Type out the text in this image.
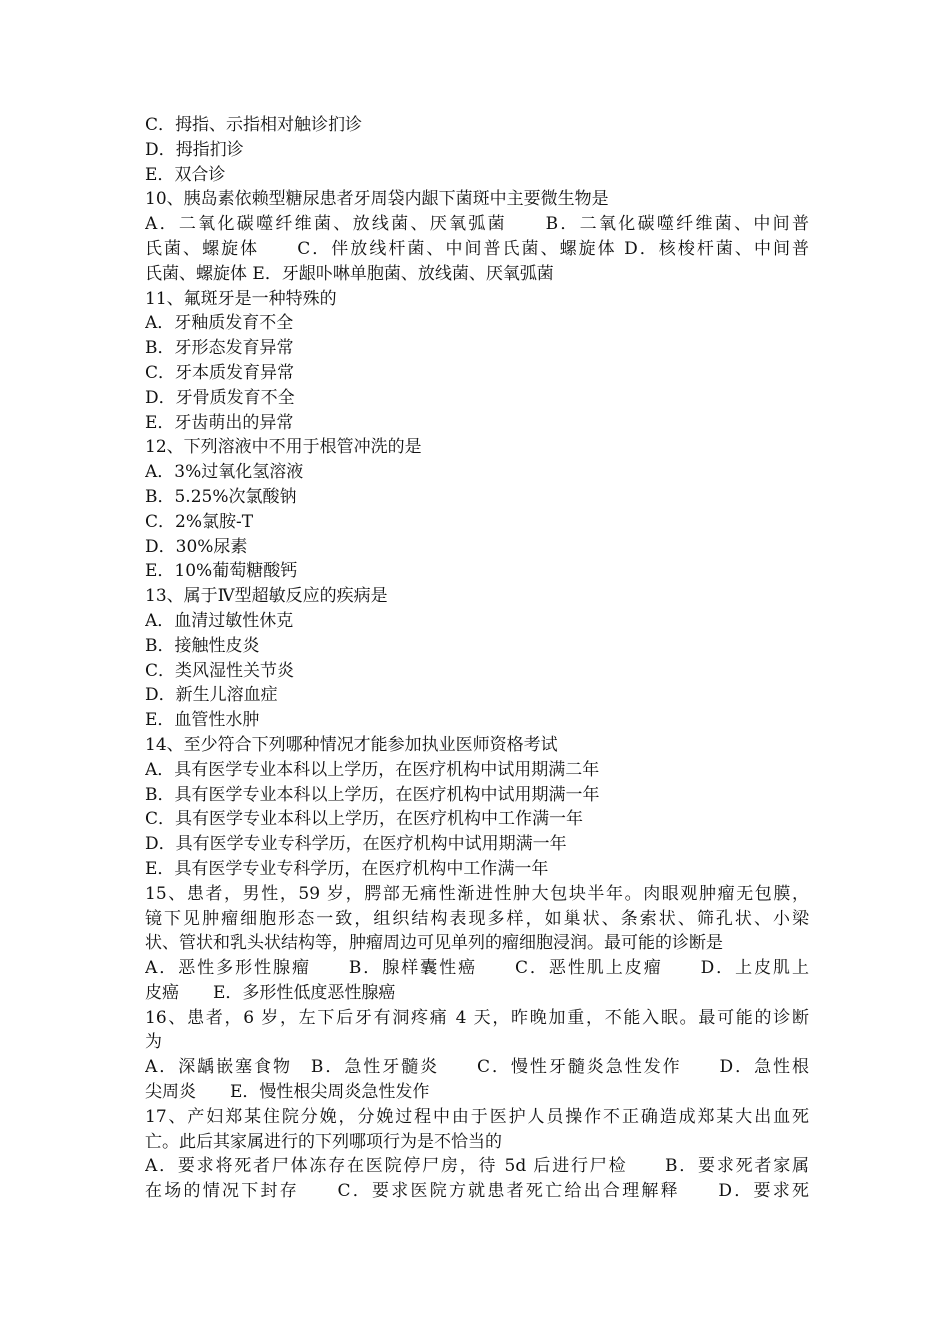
C．拇指、示指相对触诊扪诊
D．拇指扪诊
E．双合诊
10、胰岛素依赖型糖尿患者牙周袋内龈下菌斑中主要微生物是
A．二氧化碳噬纤维菌、放线菌、厌氧弧菌　　B．二氧化碳噬纤维菌、中间普
氏菌、螺旋体　　C．伴放线杆菌、中间普氏菌、螺旋体 D．核梭杆菌、中间普
氏菌、螺旋体 E．牙龈卟啉单胞菌、放线菌、厌氧弧菌
11、氟斑牙是一种特殊的
A．牙釉质发育不全
B．牙形态发育异常
C．牙本质发育异常
D．牙骨质发育不全
E．牙齿萌出的异常
12、下列溶液中不用于根管冲洗的是
A．3%过氧化氢溶液
B．5.25%次氯酸钠
C．2%氯胺-T
D．30%尿素
E．10%葡萄糖酸钙
13、属于Ⅳ型超敏反应的疾病是
A．血清过敏性休克
B．接触性皮炎
C．类风湿性关节炎
D．新生儿溶血症
E．血管性水肿
14、至少符合下列哪种情况才能参加执业医师资格考试
A．具有医学专业本科以上学历，在医疗机构中试用期满二年
B．具有医学专业本科以上学历，在医疗机构中试用期满一年
C．具有医学专业本科以上学历，在医疗机构中工作满一年
D．具有医学专业专科学历，在医疗机构中试用期满一年
E．具有医学专业专科学历，在医疗机构中工作满一年
15、患者，男性，59 岁，腭部无痛性渐进性肿大包块半年。肉眼观肿瘤无包膜，
镜下见肿瘤细胞形态一致，组织结构表现多样，如巢状、条索状、筛孔状、小梁
状、管状和乳头状结构等，肿瘤周边可见单列的瘤细胞浸润。最可能的诊断是
A．恶性多形性腺瘤　　B．腺样囊性癌　　C．恶性肌上皮瘤　　D．上皮肌上
皮癌　　E．多形性低度恶性腺癌
16、患者，6 岁，左下后牙有洞疼痛 4 天，昨晚加重，不能入眠。最可能的诊断
为
A．深龋嵌塞食物　B．急性牙髓炎　　C．慢性牙髓炎急性发作　　D．急性根
尖周炎　　E．慢性根尖周炎急性发作
17、产妇郑某住院分娩，分娩过程中由于医护人员操作不正确造成郑某大出血死
亡。此后其家属进行的下列哪项行为是不恰当的
A．要求将死者尸体冻存在医院停尸房，待 5d 后进行尸检　　B．要求死者家属
在场的情况下封存　　C．要求医院方就患者死亡给出合理解释　　D．要求死
